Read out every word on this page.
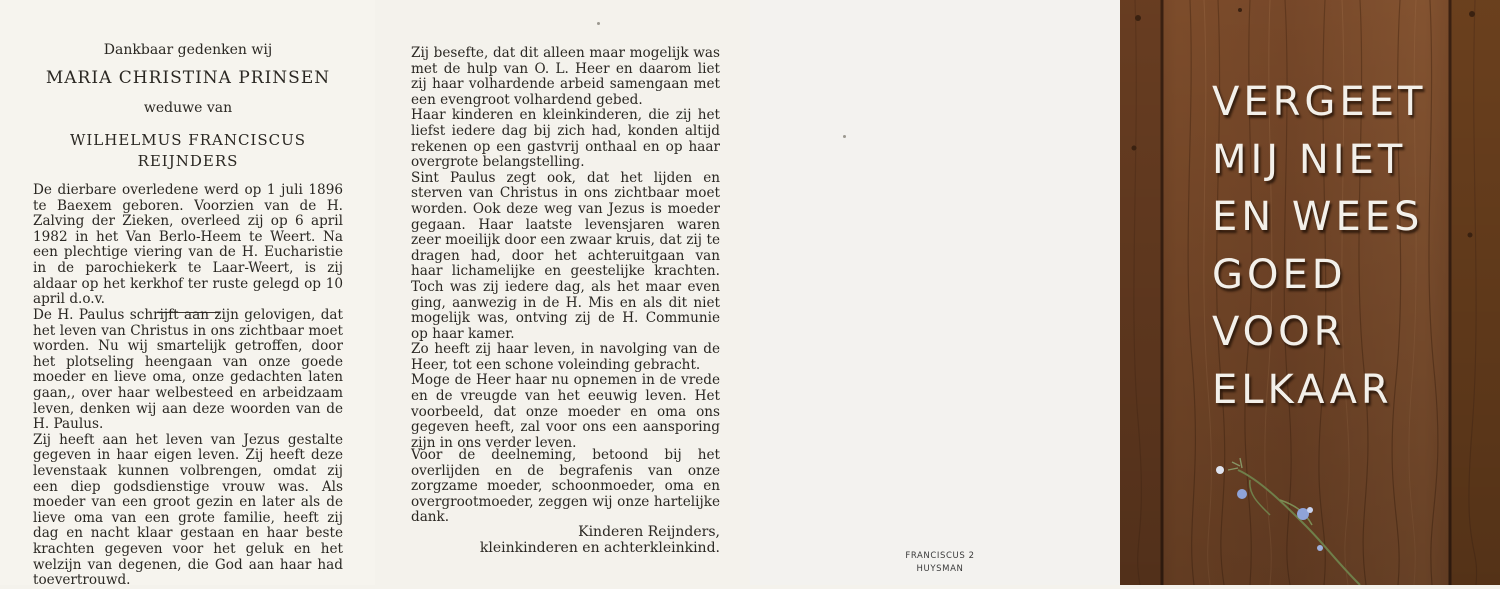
Dankbaar gedenken wij

MARIA CHRISTINA PRINSEN

weduwe van

WILHELMUS FRANCISCUS

REIJNDERS

De dierbare overledene werd op 1 juli 1896 te Baexem geboren. Voorzien van de H. Zalving der Zieken, overleed zij op 6 april 1982 in het Van Berlo-Heem te Weert. Na een plechtige viering van de H. Eucharistie in de parochiekerk te Laar-Weert, is zij aldaar op het kerkhof ter ruste gelegd op 10 april d.o.v.

De H. Paulus schrijft aan zijn gelovigen, dat het leven van Christus in ons zichtbaar moet worden. Nu wij smartelijk getroffen, door het plotseling heengaan van onze goede moeder en lieve oma, onze gedachten laten gaan,, over haar welbesteed en arbeidzaam leven, denken wij aan deze woorden van de H. Paulus.

Zij heeft aan het leven van Jezus gestalte gegeven in haar eigen leven. Zij heeft deze levenstaak kunnen volbrengen, omdat zij een diep godsdienstige vrouw was. Als moeder van een groot gezin en later als de lieve oma van een grote familie, heeft zij dag en nacht klaar gestaan en haar beste krachten gegeven voor het geluk en het welzijn van degenen, die God aan haar had toevertrouwd.

Zij besefte, dat dit alleen maar mogelijk was met de hulp van O. L. Heer en daarom liet zij haar volhardende arbeid samengaan met een evengroot volhardend gebed.

Haar kinderen en kleinkinderen, die zij het liefst iedere dag bij zich had, konden altijd rekenen op een gastvrij onthaal en op haar overgrote belangstelling.

Sint Paulus zegt ook, dat het lijden en sterven van Christus in ons zichtbaar moet worden. Ook deze weg van Jezus is moeder gegaan. Haar laatste levensjaren waren zeer moeilijk door een zwaar kruis, dat zij te dragen had, door het achteruitgaan van haar lichamelijke en geestelijke krachten. Toch was zij iedere dag, als het maar even ging, aanwezig in de H. Mis en als dit niet mogelijk was, ontving zij de H. Communie op haar kamer.

Zo heeft zij haar leven, in navolging van de Heer, tot een schone voleinding gebracht.

Moge de Heer haar nu opnemen in de vrede en de vreugde van het eeuwig leven. Het voorbeeld, dat onze moeder en oma ons gegeven heeft, zal voor ons een aansporing zijn in ons verder leven.

Voor de deelneming, betoond bij het overlijden en de begrafenis van onze zorgzame moeder, schoonmoeder, oma en overgrootmoeder, zeggen wij onze hartelijke dank.

Kinderen Reijnders,
kleinkinderen en achterkleinkind.	FRANCISCUS 2
HUYSMAN
VERGEET
MIJ NIET
EN WEES
GOED
VOOR
ELKAAR
